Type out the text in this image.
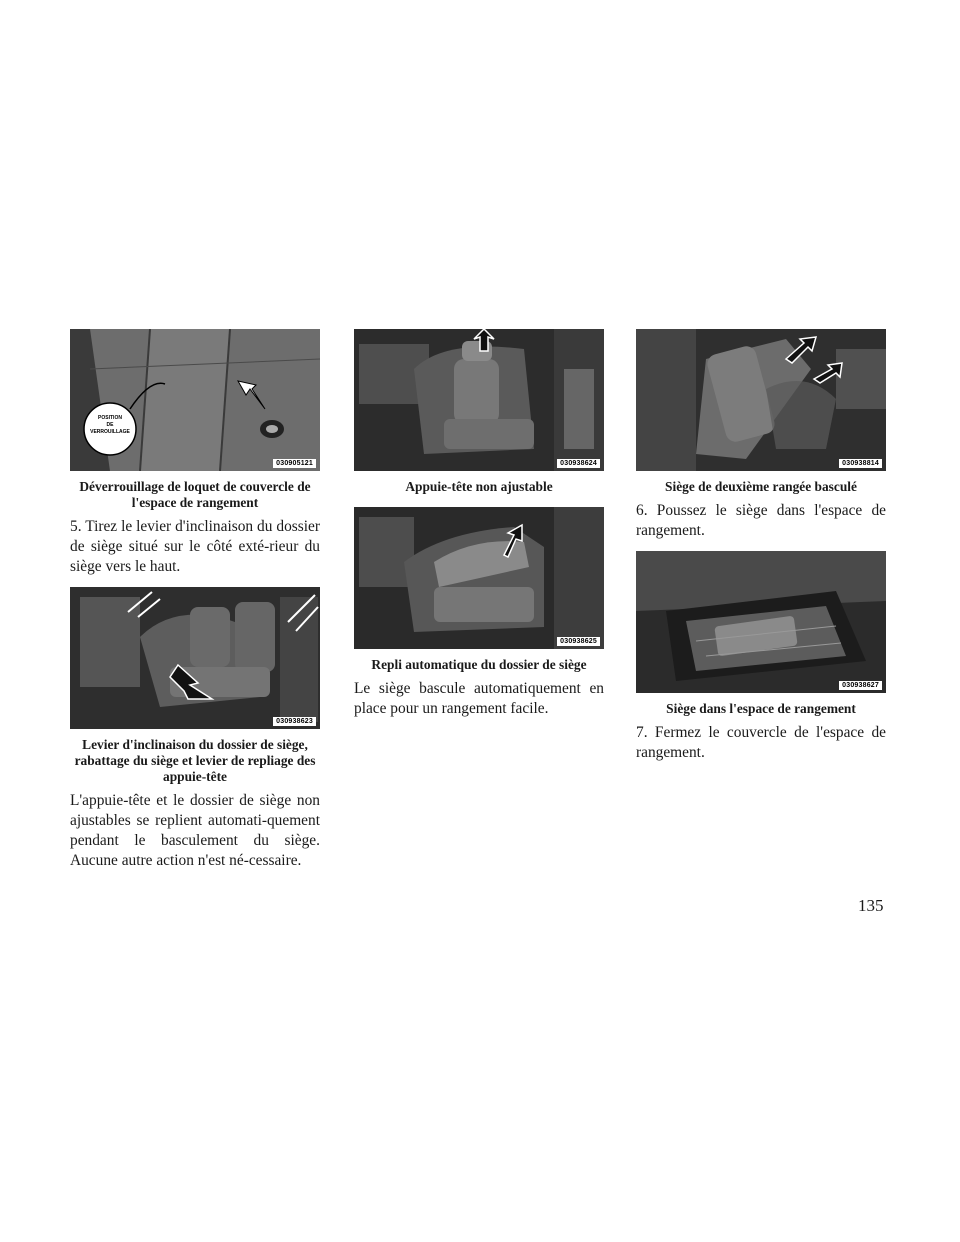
POSITION
DE
VERROUILLAGE
030905121
Déverrouillage de loquet de couvercle de l'espace de rangement

5. Tirez le levier d'inclinaison du dossier de siège situé sur le côté exté-rieur du siège vers le haut.

030938623
Levier d'inclinaison du dossier de siège, rabattage du siège et levier de repliage des appuie-tête

L'appuie-tête et le dossier de siège non ajustables se replient automati-quement pendant le basculement du siège. Aucune autre action n'est né-cessaire.

030938624
Appuie-tête non ajustable
030938625
Repli automatique du dossier de siège

Le siège bascule automatiquement en place pour un rangement facile.

030938814
Siège de deuxième rangée basculé

6. Poussez le siège dans l'espace de rangement.

030938627
Siège dans l'espace de rangement

7. Fermez le couvercle de l'espace de rangement.

135
